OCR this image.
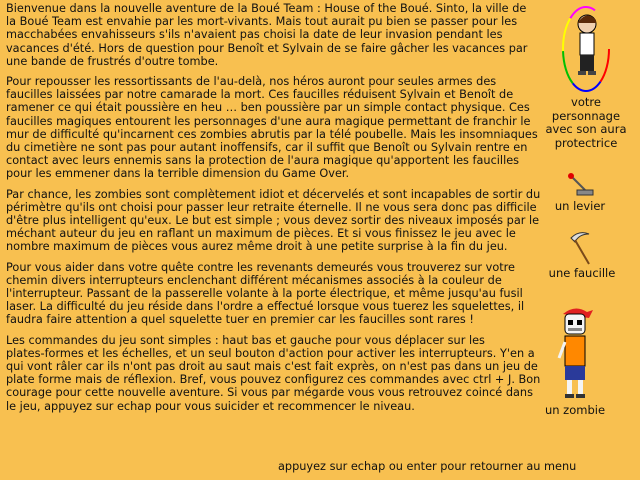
Bienvenue dans la nouvelle aventure de la Boué Team : House of the Boué. Sinto, la ville de

la Boué Team est envahie par les mort-vivants. Mais tout aurait pu bien se passer pour les

macchabées envahisseurs s'ils n'avaient pas choisi la date de leur invasion pendant les

vacances d'été. Hors de question pour Benoît et Sylvain de se faire gâcher les vacances par

une bande de frustrés d'outre tombe.

Pour repousser les ressortissants de l'au-delà, nos héros auront pour seules armes des

faucilles laissées par notre camarade la mort. Ces faucilles réduisent Sylvain et Benoît de

ramener ce qui était poussière en heu … ben poussière par un simple contact physique. Ces

faucilles magiques entourent les personnages d'une aura magique permettant de franchir le

mur de difficulté qu'incarnent ces zombies abrutis par la télé poubelle. Mais les insomniaques

du cimetière ne sont pas pour autant inoffensifs, car il suffit que Benoît ou Sylvain rentre en

contact avec leurs ennemis sans la protection de l'aura magique qu'apportent les faucilles

pour les emmener dans la terrible dimension du Game Over.

Par chance, les zombies sont complètement idiot et décervelés et sont incapables de sortir du

périmètre qu'ils ont choisi pour passer leur retraite éternelle. Il ne vous sera donc pas difficile

d'être plus intelligent qu'eux. Le but est simple ; vous devez sortir des niveaux imposés par le

méchant auteur du jeu en raflant un maximum de pièces. Et si vous finissez le jeu avec le

nombre maximum de pièces vous aurez même droit à une petite surprise à la fin du jeu.

Pour vous aider dans votre quête contre les revenants demeurés vous trouverez sur votre

chemin divers interrupteurs enclenchant différent mécanismes associés à la couleur de

l'interrupteur. Passant de la passerelle volante à la porte électrique, et même jusqu'au fusil

laser. La difficulté du jeu réside dans l'ordre a effectué lorsque vous tuerez les squelettes, il

faudra faire attention a quel squelette tuer en premier car les faucilles sont rares !

Les commandes du jeu sont simples : haut bas et gauche pour vous déplacer sur les

plates-formes et les échelles, et un seul bouton d'action pour activer les interrupteurs. Y'en a

qui vont râler car ils n'ont pas droit au saut mais c'est fait exprès, on n'est pas dans un jeu de

plate forme mais de réflexion. Bref, vous pouvez configurez ces commandes avec ctrl + J. Bon

courage pour cette nouvelle aventure. Si vous par mégarde vous vous retrouvez coincé dans

le jeu, appuyez sur echap pour vous suicider et recommencer le niveau.

votre
personnage
avec son aura
protectrice
un levier
une faucille
un zombie
appuyez sur echap ou enter pour retourner au menu
